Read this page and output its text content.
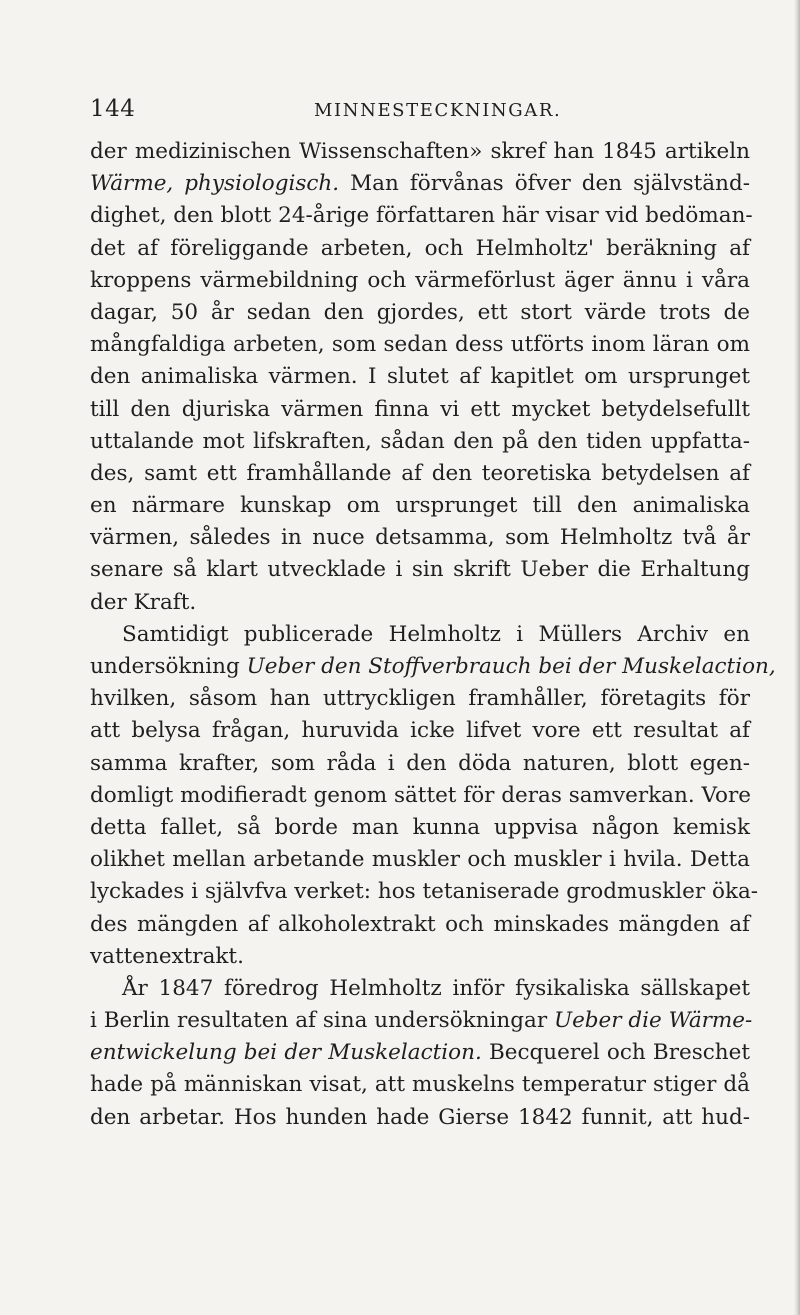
144	MINNESTECKNINGAR.
der medizinischen Wissenschaften» skref han 1845 artikeln
Wärme, physiologisch. Man förvånas öfver den självständ-
dighet, den blott 24-årige författaren här visar vid bedöman-
det af föreliggande arbeten, och Helmholtz' beräkning af
kroppens värmebildning och värmeförlust äger ännu i våra
dagar, 50 år sedan den gjordes, ett stort värde trots de
mångfaldiga arbeten, som sedan dess utförts inom läran om
den animaliska värmen. I slutet af kapitlet om ursprunget
till den djuriska värmen finna vi ett mycket betydelsefullt
uttalande mot lifskraften, sådan den på den tiden uppfatta-
des, samt ett framhållande af den teoretiska betydelsen af
en närmare kunskap om ursprunget till den animaliska
värmen, således in nuce detsamma, som Helmholtz två år
senare så klart utvecklade i sin skrift Ueber die Erhaltung
der Kraft.
Samtidigt publicerade Helmholtz i Müllers Archiv en
undersökning Ueber den Stoffverbrauch bei der Muskelaction,
hvilken, såsom han uttryckligen framhåller, företagits för
att belysa frågan, huruvida icke lifvet vore ett resultat af
samma krafter, som råda i den döda naturen, blott egen-
domligt modifieradt genom sättet för deras samverkan. Vore
detta fallet, så borde man kunna uppvisa någon kemisk
olikhet mellan arbetande muskler och muskler i hvila. Detta
lyckades i självfva verket: hos tetaniserade grodmuskler öka-
des mängden af alkoholextrakt och minskades mängden af
vattenextrakt.
År 1847 föredrog Helmholtz inför fysikaliska sällskapet
i Berlin resultaten af sina undersökningar Ueber die Wärme-
entwickelung bei der Muskelaction. Becquerel och Breschet
hade på människan visat, att muskelns temperatur stiger då
den arbetar. Hos hunden hade Gierse 1842 funnit, att hud-
